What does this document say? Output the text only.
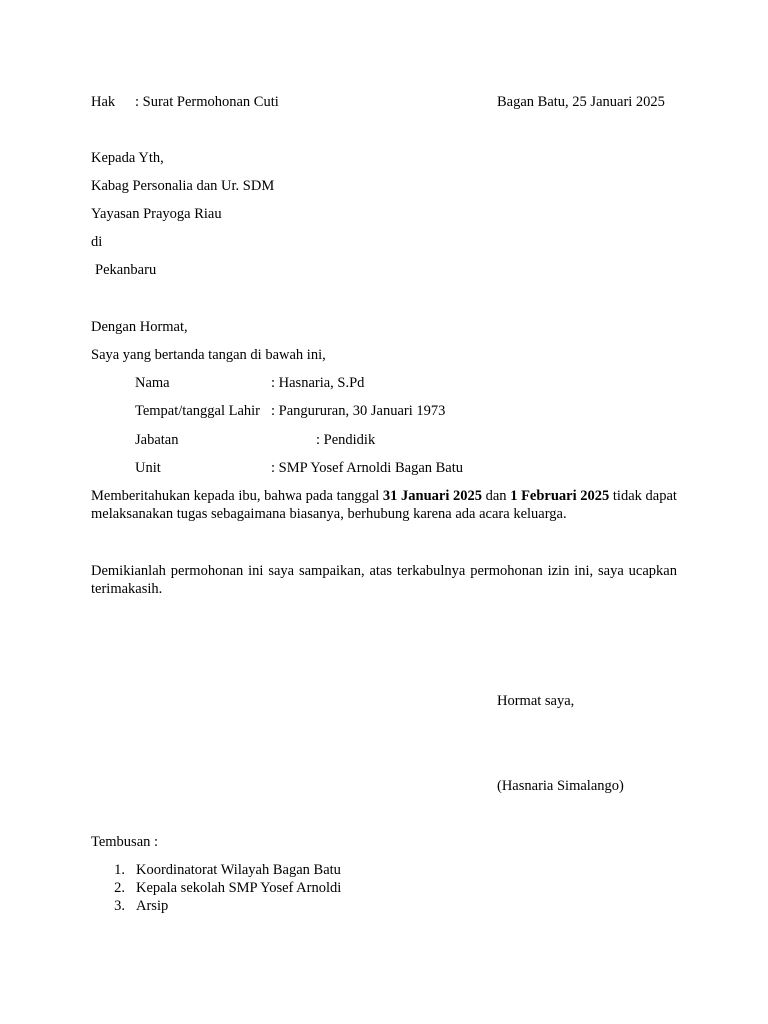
Hak : Surat Permohonan Cuti	Bagan Batu, 25 Januari 2025
Kepada Yth,
Kabag Personalia dan Ur. SDM
Yayasan Prayoga Riau
di
Pekanbaru
Dengan Hormat,
Saya yang bertanda tangan di bawah ini,
Nama	: Hasnaria, S.Pd
Tempat/tanggal Lahir : Pangururan, 30 Januari 1973
Jabatan	: Pendidik
Unit	: SMP Yosef Arnoldi Bagan Batu
Memberitahukan kepada ibu, bahwa pada tanggal 31 Januari 2025 dan 1 Februari 2025 tidak dapat melaksanakan tugas sebagaimana biasanya, berhubung karena ada acara keluarga.
Demikianlah permohonan ini saya sampaikan, atas terkabulnya permohonan izin ini, saya ucapkan terimakasih.
Hormat saya,
(Hasnaria Simalango)
Tembusan :
1. Koordinatorat Wilayah Bagan Batu
2. Kepala sekolah SMP Yosef Arnoldi
3. Arsip
